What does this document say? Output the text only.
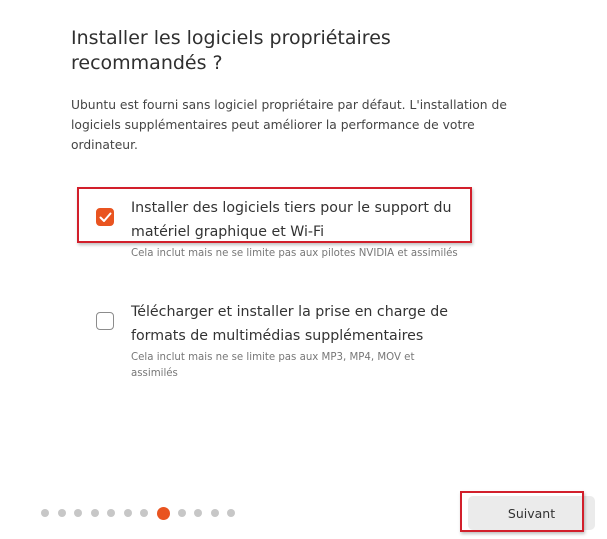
Installer les logiciels propriétaires recommandés ?

Ubuntu est fourni sans logiciel propriétaire par défaut. L'installation de logiciels supplémentaires peut améliorer la performance de votre ordinateur.

Installer des logiciels tiers pour le support du matériel graphique et Wi-Fi
Cela inclut mais ne se limite pas aux pilotes NVIDIA et assimilés
Télécharger et installer la prise en charge de formats de multimédias supplémentaires
Cela inclut mais ne se limite pas aux MP3, MP4, MOV et assimilés
Suivant
